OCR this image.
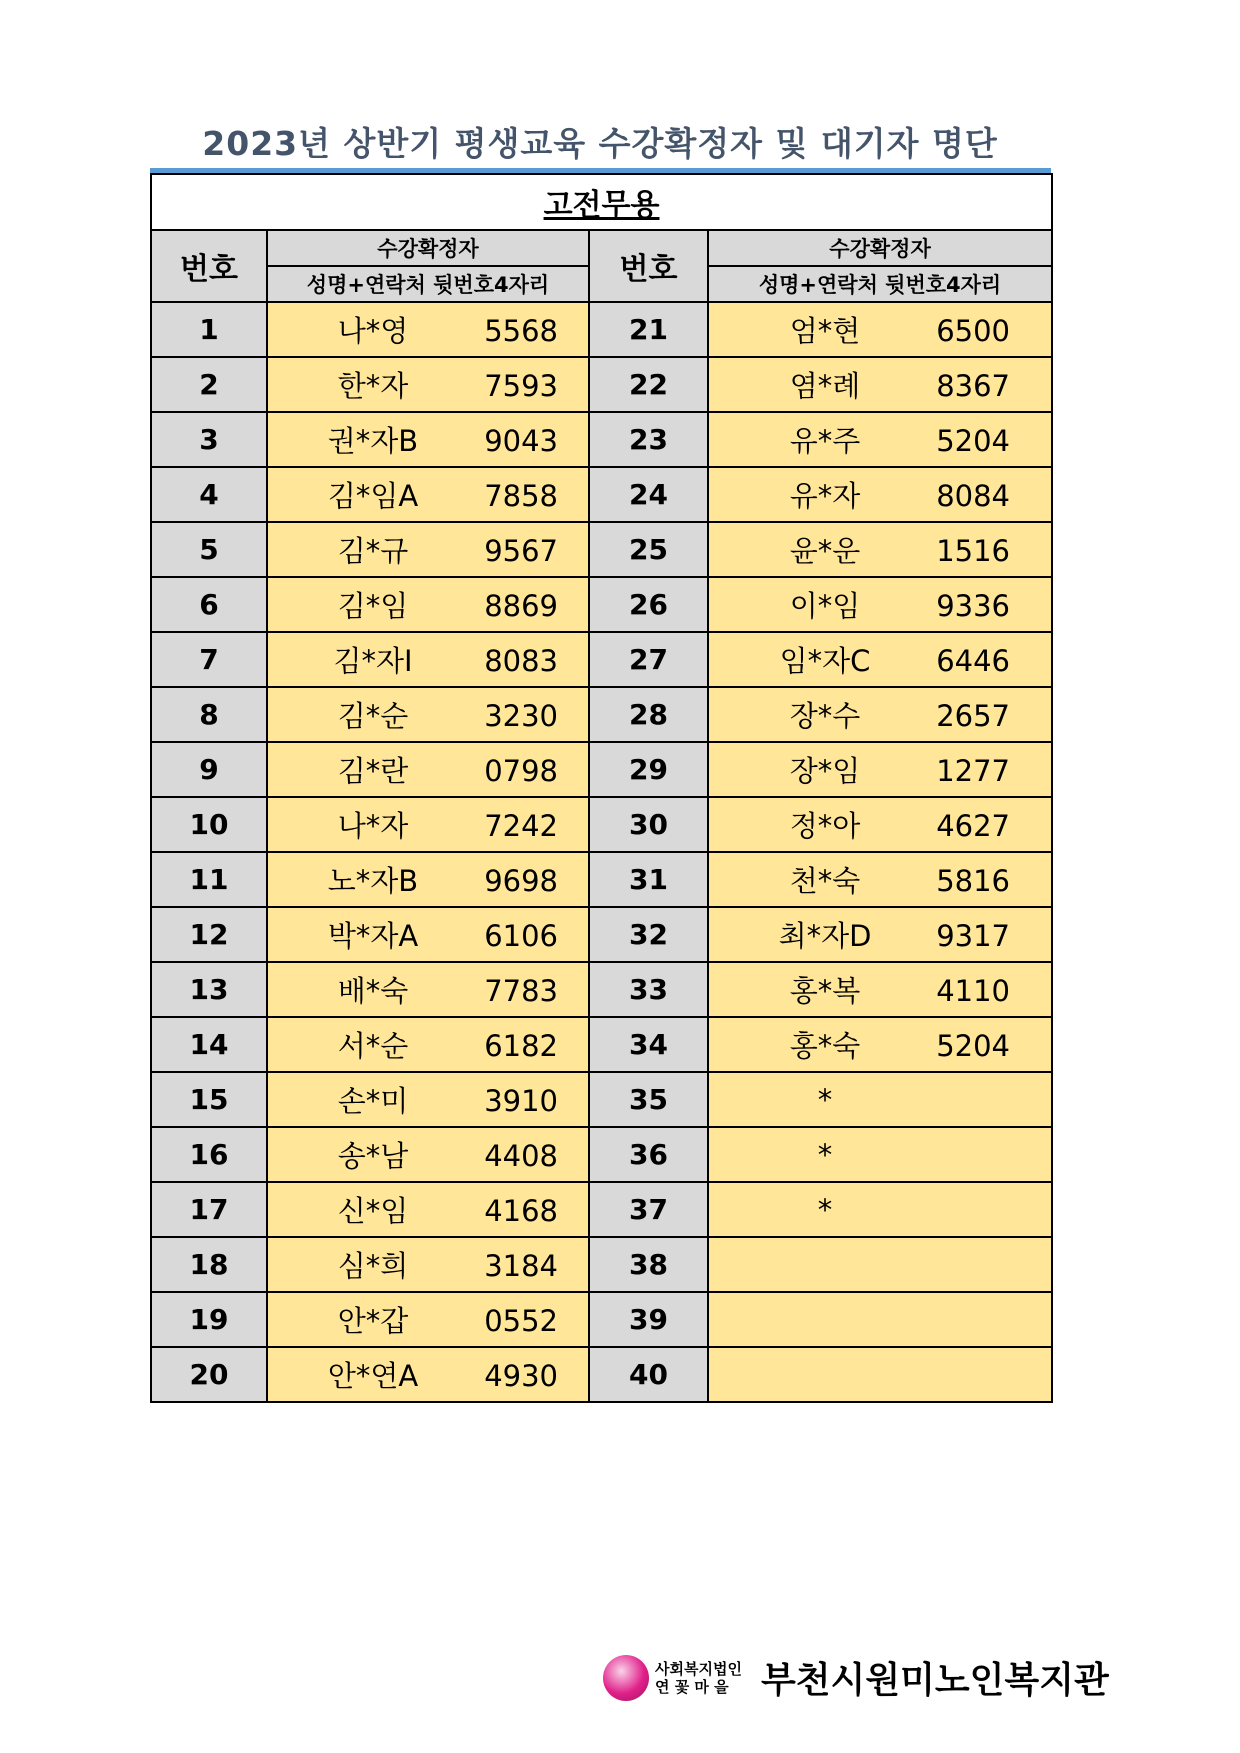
2023년 상반기 평생교육 수강확정자 및 대기자 명단
고전무용			
번호	수강확정자	번호	수강확정자
	성명+연락처 뒷번호4자리		성명+연락처 뒷번호4자리
1	나*영 5568	21	엄*현 6500
2	한*자 7593	22	염*례 8367
3	권*자B 9043	23	유*주 5204
4	김*임A 7858	24	유*자 8084
5	김*규 9567	25	윤*운 1516
6	김*임 8869	26	이*임 9336
7	김*자I 8083	27	임*자C 6446
8	김*순 3230	28	장*수 2657
9	김*란 0798	29	장*임 1277
10	나*자 7242	30	정*아 4627
11	노*자B 9698	31	천*숙 5816
12	박*자A 6106	32	최*자D 9317
13	배*숙 7783	33	홍*복 4110
14	서*순 6182	34	홍*숙 5204
15	손*미 3910	35	*
16	송*남 4408	36	*
17	신*임 4168	37	*
18	심*희 3184	38	
19	안*갑 0552	39	
20	안*연A 4930	40	
사회복지법인
연 꽃 마 을 부천시원미노인복지관
